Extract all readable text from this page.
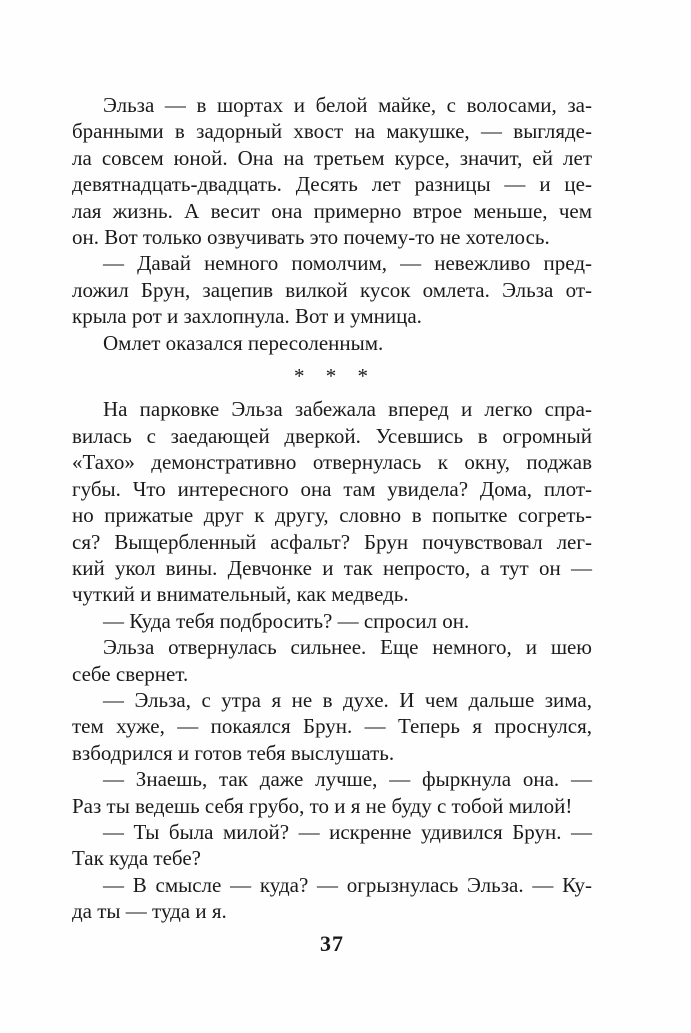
Эльза — в шортах и белой майке, с волосами, за-
бранными в задорный хвост на макушке, — выгляде-
ла совсем юной. Она на третьем курсе, значит, ей лет
девятнадцать-двадцать. Десять лет разницы — и це-
лая жизнь. А весит она примерно втрое меньше, чем
он. Вот только озвучивать это почему-то не хотелось.
— Давай немного помолчим, — невежливо пред-
ложил Брун, зацепив вилкой кусок омлета. Эльза от-
крыла рот и захлопнула. Вот и умница.
Омлет оказался пересоленным.
* * *
На парковке Эльза забежала вперед и легко спра-
вилась с заедающей дверкой. Усевшись в огромный
«Тахо» демонстративно отвернулась к окну, поджав
губы. Что интересного она там увидела? Дома, плот-
но прижатые друг к другу, словно в попытке согреть-
ся? Выщербленный асфальт? Брун почувствовал лег-
кий укол вины. Девчонке и так непросто, а тут он —
чуткий и внимательный, как медведь.
— Куда тебя подбросить? — спросил он.
Эльза отвернулась сильнее. Еще немного, и шею
себе свернет.
— Эльза, с утра я не в духе. И чем дальше зима,
тем хуже, — покаялся Брун. — Теперь я проснулся,
взбодрился и готов тебя выслушать.
— Знаешь, так даже лучше, — фыркнула она. —
Раз ты ведешь себя грубо, то и я не буду с тобой милой!
— Ты была милой? — искренне удивился Брун. —
Так куда тебе?
— В смысле — куда? — огрызнулась Эльза. — Ку-
да ты — туда и я.
37
